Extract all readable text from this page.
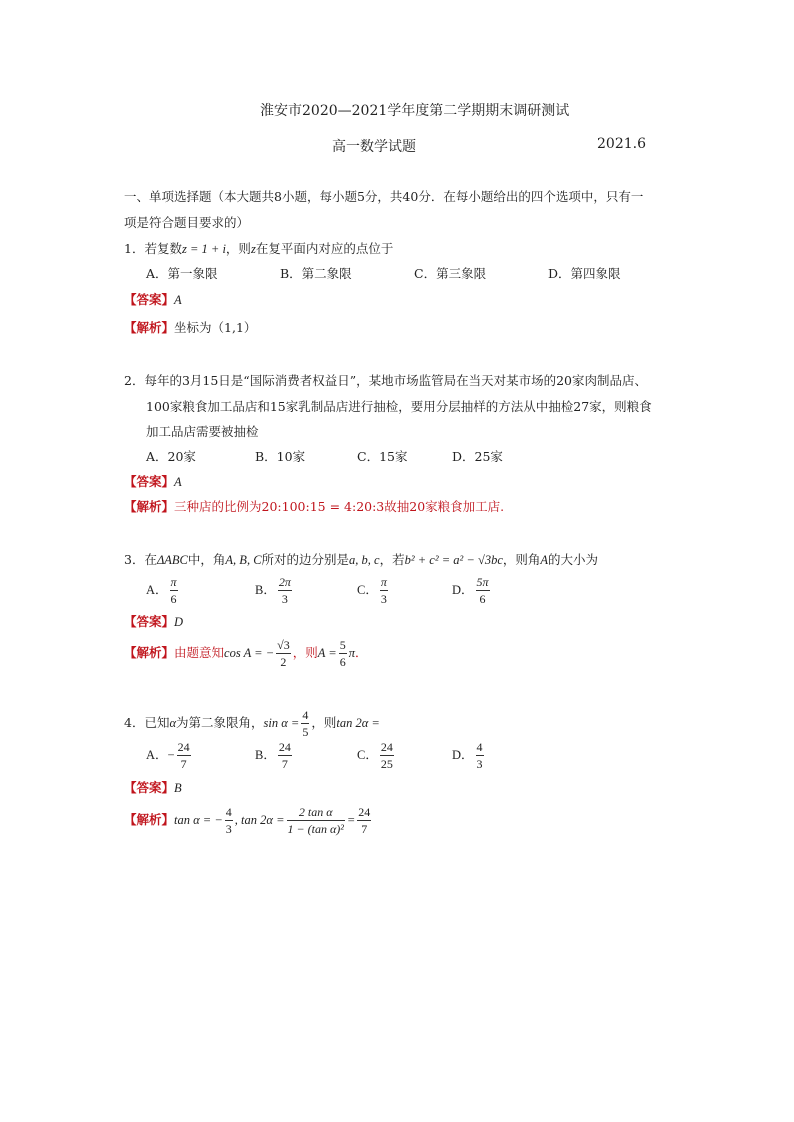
淮安市2020—2021学年度第二学期期末调研测试
高一数学试题	2021.6
一、单项选择题（本大题共8小题，每小题5分，共40分．在每小题给出的四个选项中，只有一
项是符合题目要求的）
1．若复数z = 1 + i，则z在复平面内对应的点位于
A．第一象限	B．第二象限	C．第三象限	D．第四象限
【答案】A
【解析】坐标为（1,1）
2．每年的3月15日是“国际消费者权益日”，某地市场监管局在当天对某市场的20家肉制品店、
100家粮食加工品店和15家乳制品店进行抽检，要用分层抽样的方法从中抽检27家，则粮食
加工品店需要被抽检
A．20家	B．10家	C．15家	D．25家
【答案】A
【解析】三种店的比例为20:100:15 = 4:20:3故抽20家粮食加工店.
3．在ΔABC中，角A, B, C所对的边分别是a, b, c，若b² + c² = a² − √3bc，则角A的大小为
A． $\frac{\pi}{6}$	B． $\frac{2\pi}{3}$	C． $\frac{\pi}{3}$	D． $\frac{5\pi}{6}$
【答案】D
【解析】由题意知cos A = − $\frac{√3}{2}$ ，则$A = \frac{5}{6}$ π．
4．已知α为第二象限角，$\sin \alpha = \frac{4}{5}$ ，则tan 2α =
A．− $\frac{24}{7}$	B． $\frac{24}{7}$	C． $\frac{24}{25}$	D． $\frac{4}{3}$
【答案】B
【解析】tan α = − $\frac{4}{3}$ , $\tan 2\alpha = \frac{\text{2 tan α}}{\text{1 − (tan α)²}} = \frac{24}{7}$
